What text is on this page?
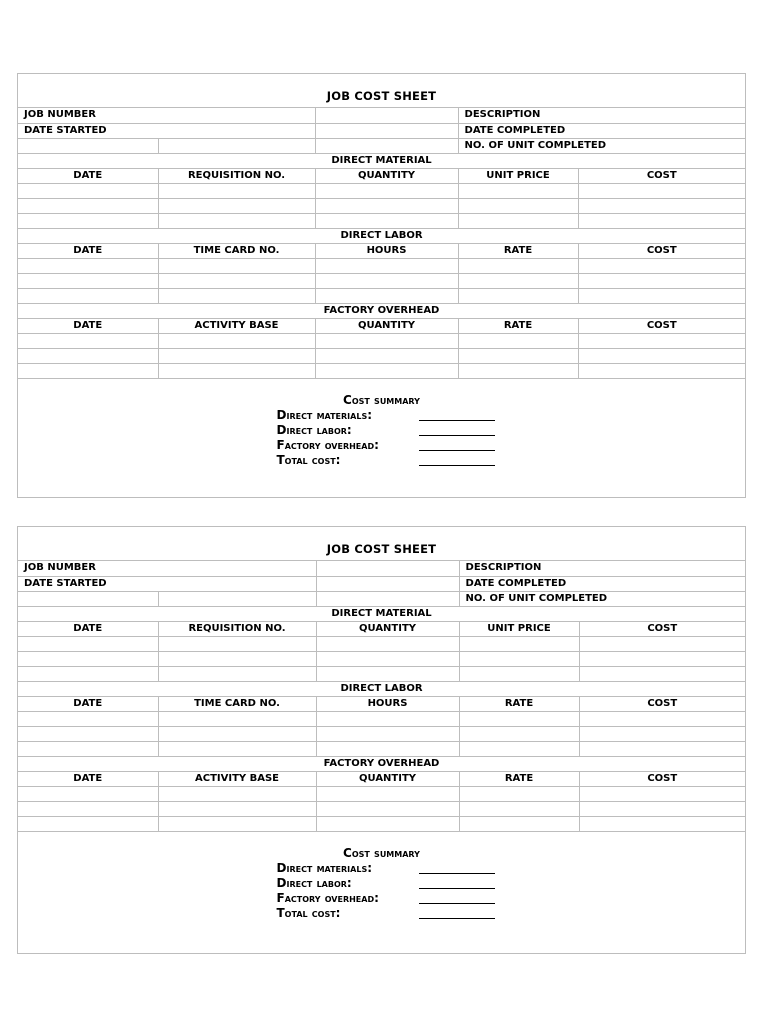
JOB COST SHEET
JOB NUMBER			DESCRIPTION	
DATE STARTED			DATE COMPLETED	
			NO. OF UNIT COMPLETED	
DIRECT MATERIAL				
DATE	REQUISITION NO.	QUANTITY	UNIT PRICE	COST

DIRECT LABOR				
DATE	TIME CARD NO.	HOURS	RATE	COST

FACTORY OVERHEAD				
DATE	ACTIVITY BASE	QUANTITY	RATE	COST

Cost summary
Direct materials:
Direct labor:
Factory overhead:
Total cost:
JOB COST SHEET
JOB NUMBER			DESCRIPTION	
DATE STARTED			DATE COMPLETED	
			NO. OF UNIT COMPLETED	
DIRECT MATERIAL				
DATE	REQUISITION NO.	QUANTITY	UNIT PRICE	COST

DIRECT LABOR				
DATE	TIME CARD NO.	HOURS	RATE	COST

FACTORY OVERHEAD				
DATE	ACTIVITY BASE	QUANTITY	RATE	COST

Cost summary
Direct materials:
Direct labor:
Factory overhead:
Total cost:
